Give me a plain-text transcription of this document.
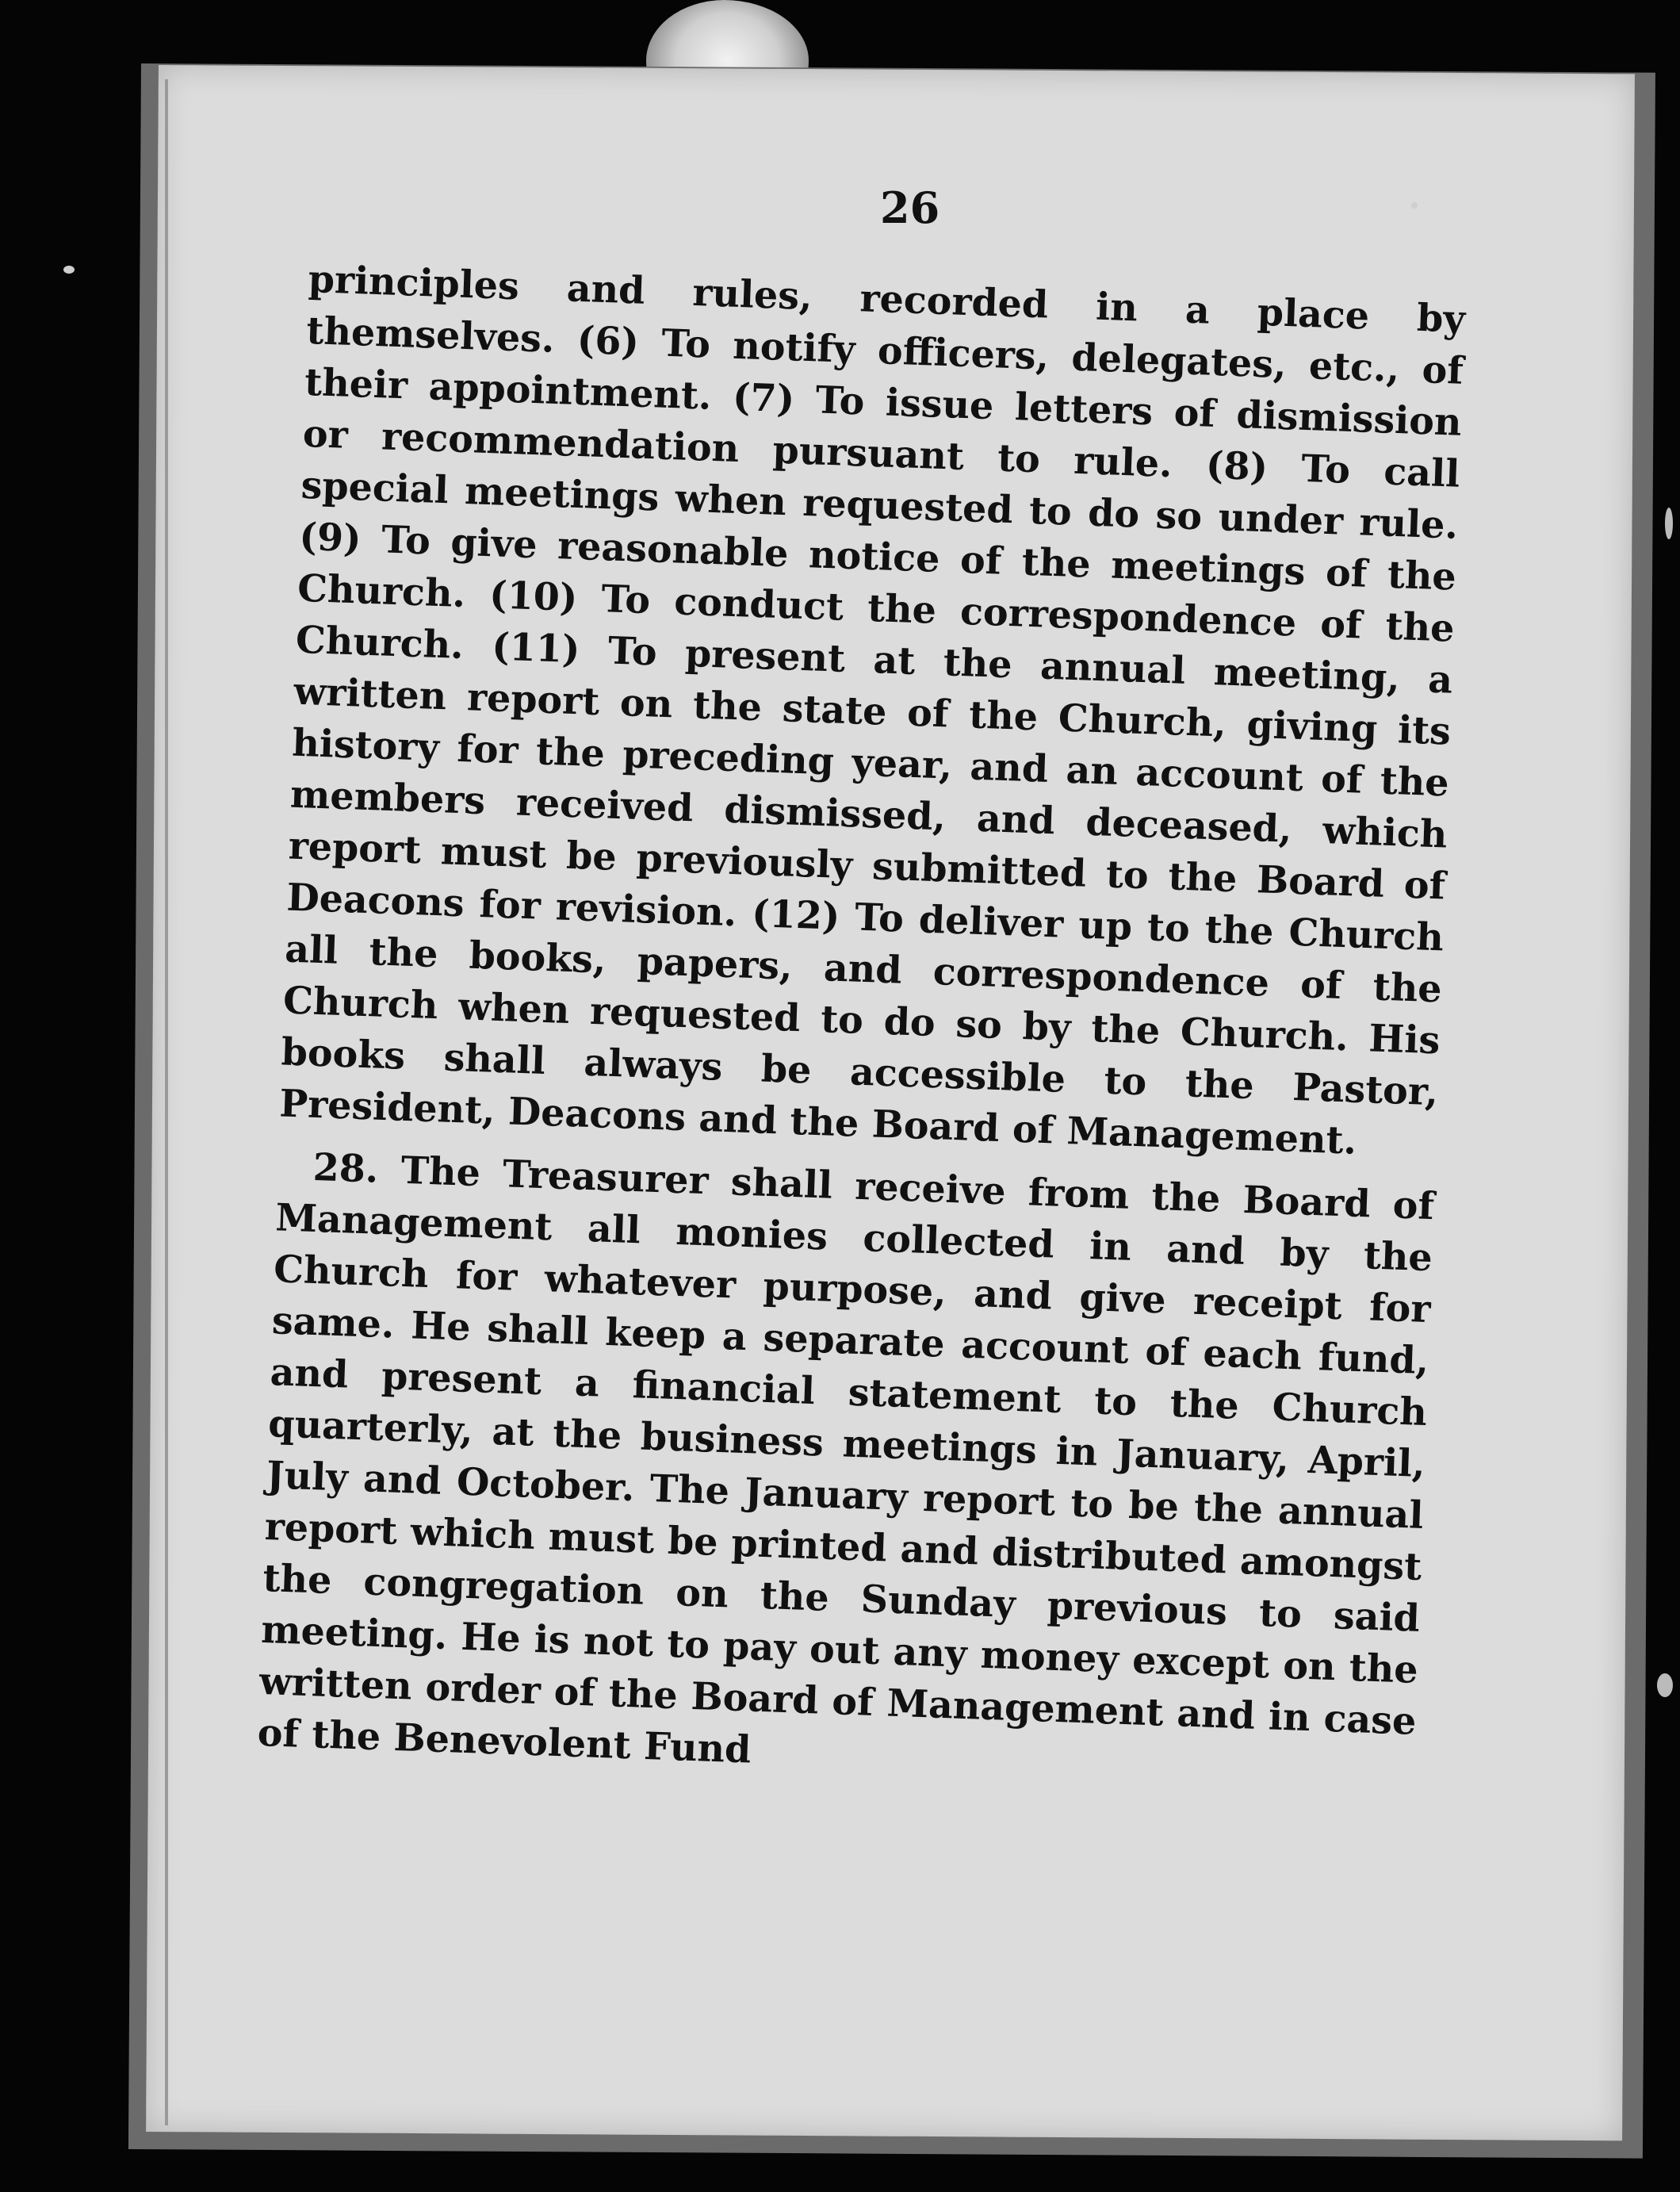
26

principles and rules, recorded in a place by themselves. (6) To notify officers, delegates, etc., of their appointment. (7) To issue letters of dismission or recommendation pursuant to rule. (8) To call special meetings when requested to do so under rule. (9) To give reasonable notice of the meetings of the Church. (10) To conduct the correspondence of the Church. (11) To present at the annual meeting, a written report on the state of the Church, giving its history for the preceding year, and an account of the members received dismissed, and deceased, which report must be previously submitted to the Board of Deacons for revision. (12) To deliver up to the Church all the books, papers, and correspondence of the Church when requested to do so by the Church. His books shall always be accessible to the Pastor, President, Deacons and the Board of Management.

28. The Treasurer shall receive from the Board of Management all monies collected in and by the Church for whatever purpose, and give receipt for same. He shall keep a separate account of each fund, and present a financial statement to the Church quarterly, at the business meetings in January, April, July and October. The January report to be the annual report which must be printed and distributed amongst the congregation on the Sunday previous to said meeting. He is not to pay out any money except on the written order of the Board of Management and in case of the Benevolent Fund
